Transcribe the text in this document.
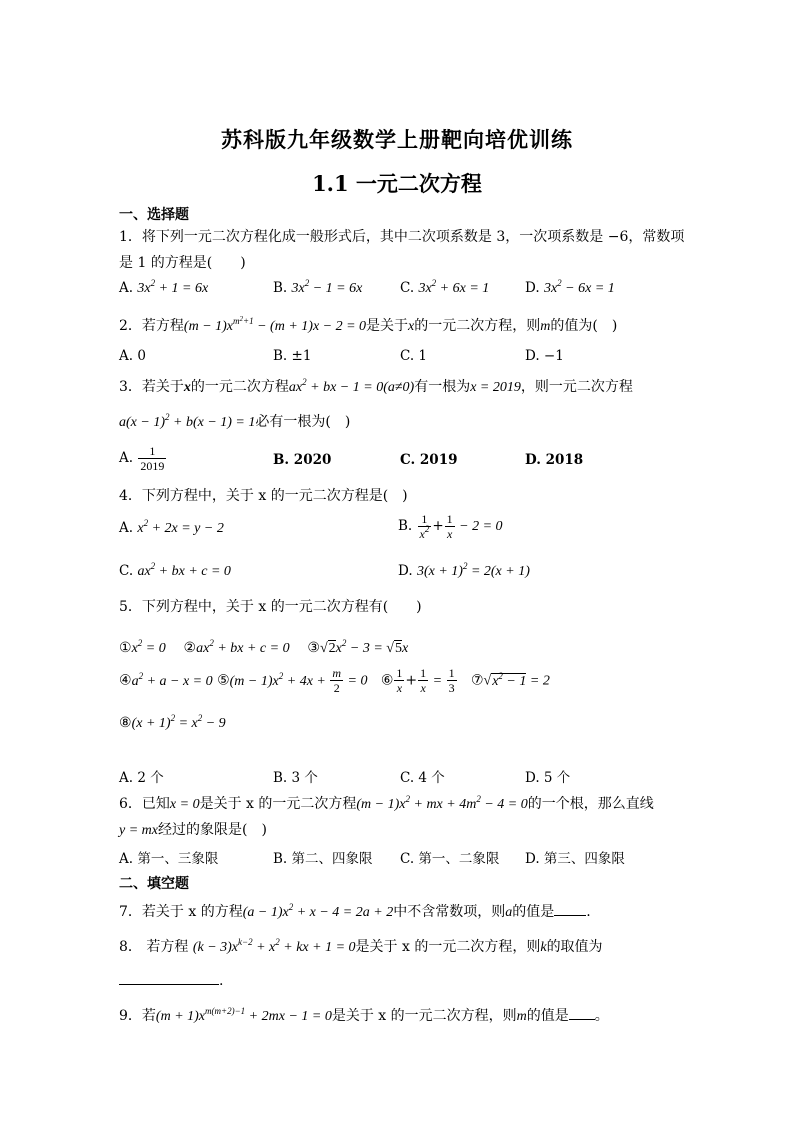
苏科版九年级数学上册靶向培优训练
1.1 一元二次方程
一、选择题
1．将下列一元二次方程化成一般形式后，其中二次项系数是 3，一次项系数是 −6，常数项
是 1 的方程是(　　)
A. $3x^2 + 1 = 6x$	B. $3x^2 - 1 = 6x$	C. $3x^2 + 6x = 1$	D. $3x^2 - 6x = 1$
2．若方程$(m - 1)x^{m^2+1} - (m + 1)x - 2 = 0$是关于x的一元二次方程，则m的值为(　)
A. 0	B. ±1	C. 1	D. −1
3．若关于x的一元二次方程$ax^2$ + bx − 1 = 0(a≠0)有一根为x = 2019，则一元二次方程
$a(x - 1)^2 + b(x - 1) = 1$必有一根为(　)
A. $\frac{1}{2019}$	B. 2020	C. 2019	D. 2018
4．下列方程中，关于 x 的一元二次方程是(　)
A. $x^2 + 2x = y - 2$	B. $\frac{1}{x^2} + \frac{1}{x} - 2 = 0$
C. $ax^2$ + bx + c = 0	D. $3(x + 1)^2 = 2(x + 1)$
5．下列方程中，关于 x 的一元二次方程有(　　)
$①x^2 = 0$ $②ax^2$ + bx + c = 0 $③√2x^2 - 3 = √5x$
$④a^2 + a - x = 0$ ⑤(m − $1)x^2 + 4x + \frac{m}{2} = 0$ ⑥ $\frac{1}{x} + \frac{1}{x} = \frac{1}{3}$ $⑦√x^2 - 1 = 2$
⑧(x + $1)^2 = x^2 - 9$
A. 2 个	B. 3 个	C. 4 个	D. 5 个
6．已知x = 0是关于 x 的一元二次方程$(m - 1)x^2$ + mx + $4m^2 - 4 = 0$的一个根，那么直线
y = mx经过的象限是(　)
A. 第一、三象限	B. 第二、四象限 C. 第一、二象限 D. 第三、四象限
二、填空题
7．若关于 x 的方程$(a - 1)x^2 + x - 4 = 2a + 2$中不含常数项，则a的值是 .
8． 若方程 $(k - 3)x^{k-2} + x^2$ + kx + 1 = 0是关于 x 的一元二次方程，则k的取值为
.
9．若$(m + 1)x^{m(m+2)-1} + 2mx - 1 = 0$是关于 x 的一元二次方程，则m的值是 。
